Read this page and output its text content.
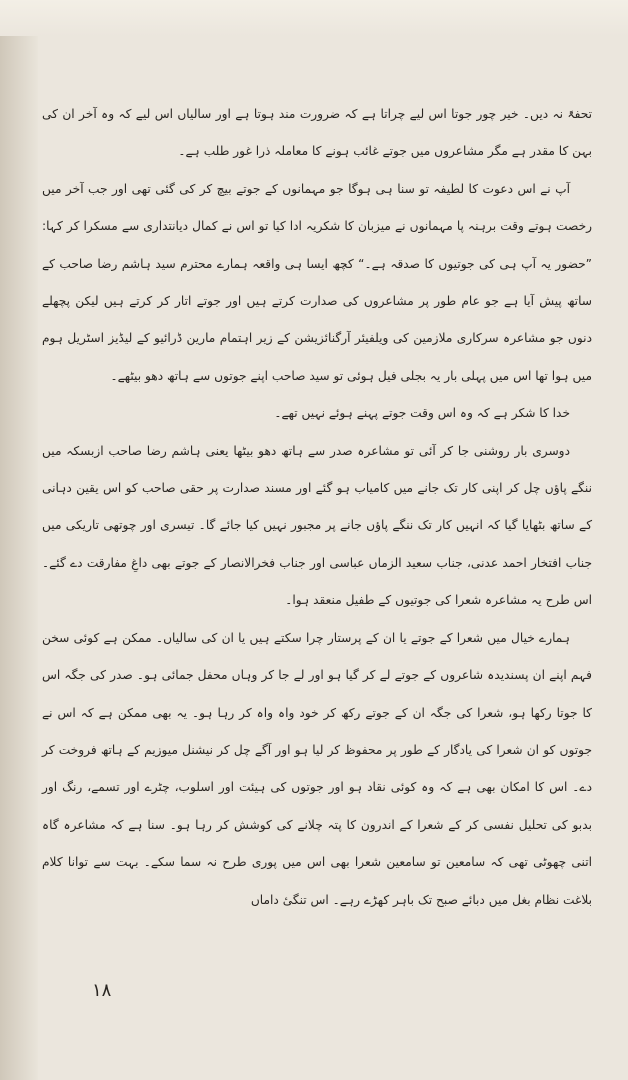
تحفۃً نہ دیں۔ خیر چور جوتا اس لیے چراتا ہے کہ ضرورت مند ہوتا ہے اور سالیاں اس لیے کہ وہ آخر ان کی بہن کا مقدر ہے مگر مشاعروں میں جوتے غائب ہونے کا معاملہ ذرا غور طلب ہے۔

آپ نے اس دعوت کا لطیفہ تو سنا ہی ہوگا جو مہمانوں کے جوتے بیچ کر کی گئی تھی اور جب آخر میں رخصت ہوتے وقت برہنہ پا مہمانوں نے میزبان کا شکریہ ادا کیا تو اس نے کمال دیانتداری سے مسکرا کر کہا: ”حضور یہ آپ ہی کی جوتیوں کا صدقہ ہے۔“ کچھ ایسا ہی واقعہ ہمارے محترم سید ہاشم رضا صاحب کے ساتھ پیش آیا ہے جو عام طور پر مشاعروں کی صدارت کرتے ہیں اور جوتے اتار کر کرتے ہیں لیکن پچھلے دنوں جو مشاعرہ سرکاری ملازمین کی ویلفیئر آرگنائزیشن کے زیر اہتمام مارین ڈرائیو کے لیڈیز اسٹریل ہوم میں ہوا تھا اس میں پہلی بار یہ بجلی فیل ہوئی تو سید صاحب اپنے جوتوں سے ہاتھ دھو بیٹھے۔

خدا کا شکر ہے کہ وہ اس وقت جوتے پہنے ہوئے نہیں تھے۔

دوسری بار روشنی جا کر آئی تو مشاعرہ صدر سے ہاتھ دھو بیٹھا یعنی ہاشم رضا صاحب ازبسکہ میں ننگے پاؤں چل کر اپنی کار تک جانے میں کامیاب ہو گئے اور مسند صدارت پر حقی صاحب کو اس یقین دہانی کے ساتھ بٹھایا گیا کہ انہیں کار تک ننگے پاؤں جانے پر مجبور نہیں کیا جائے گا۔ تیسری اور چوتھی تاریکی میں جناب افتخار احمد عدنی، جناب سعید الزماں عباسی اور جناب فخرالانصار کے جوتے بھی داغِ مفارقت دے گئے۔ اس طرح یہ مشاعرہ شعرا کی جوتیوں کے طفیل منعقد ہوا۔

ہمارے خیال میں شعرا کے جوتے یا ان کے پرستار چرا سکتے ہیں یا ان کی سالیاں۔ ممکن ہے کوئی سخن فہم اپنے ان پسندیدہ شاعروں کے جوتے لے کر گیا ہو اور لے جا کر وہاں محفل جمائی ہو۔ صدر کی جگہ اس کا جوتا رکھا ہو، شعرا کی جگہ ان کے جوتے رکھ کر خود واہ واہ کر رہا ہو۔ یہ بھی ممکن ہے کہ اس نے جوتوں کو ان شعرا کی یادگار کے طور پر محفوظ کر لیا ہو اور آگے چل کر نیشنل میوزیم کے ہاتھ فروخت کر دے۔ اس کا امکان بھی ہے کہ وہ کوئی نقاد ہو اور جوتوں کی ہیئت اور اسلوب، چٹرے اور تسمے، رنگ اور بدبو کی تحلیل نفسی کر کے شعرا کے اندرون کا پتہ چلانے کی کوشش کر رہا ہو۔ سنا ہے کہ مشاعرہ گاہ اتنی چھوٹی تھی کہ سامعین تو سامعین شعرا بھی اس میں پوری طرح نہ سما سکے۔ بہت سے توانا کلام بلاغت نظام بغل میں دبائے صبح تک باہر کھڑے رہے۔ اس تنگیٔ داماں

۱۸
